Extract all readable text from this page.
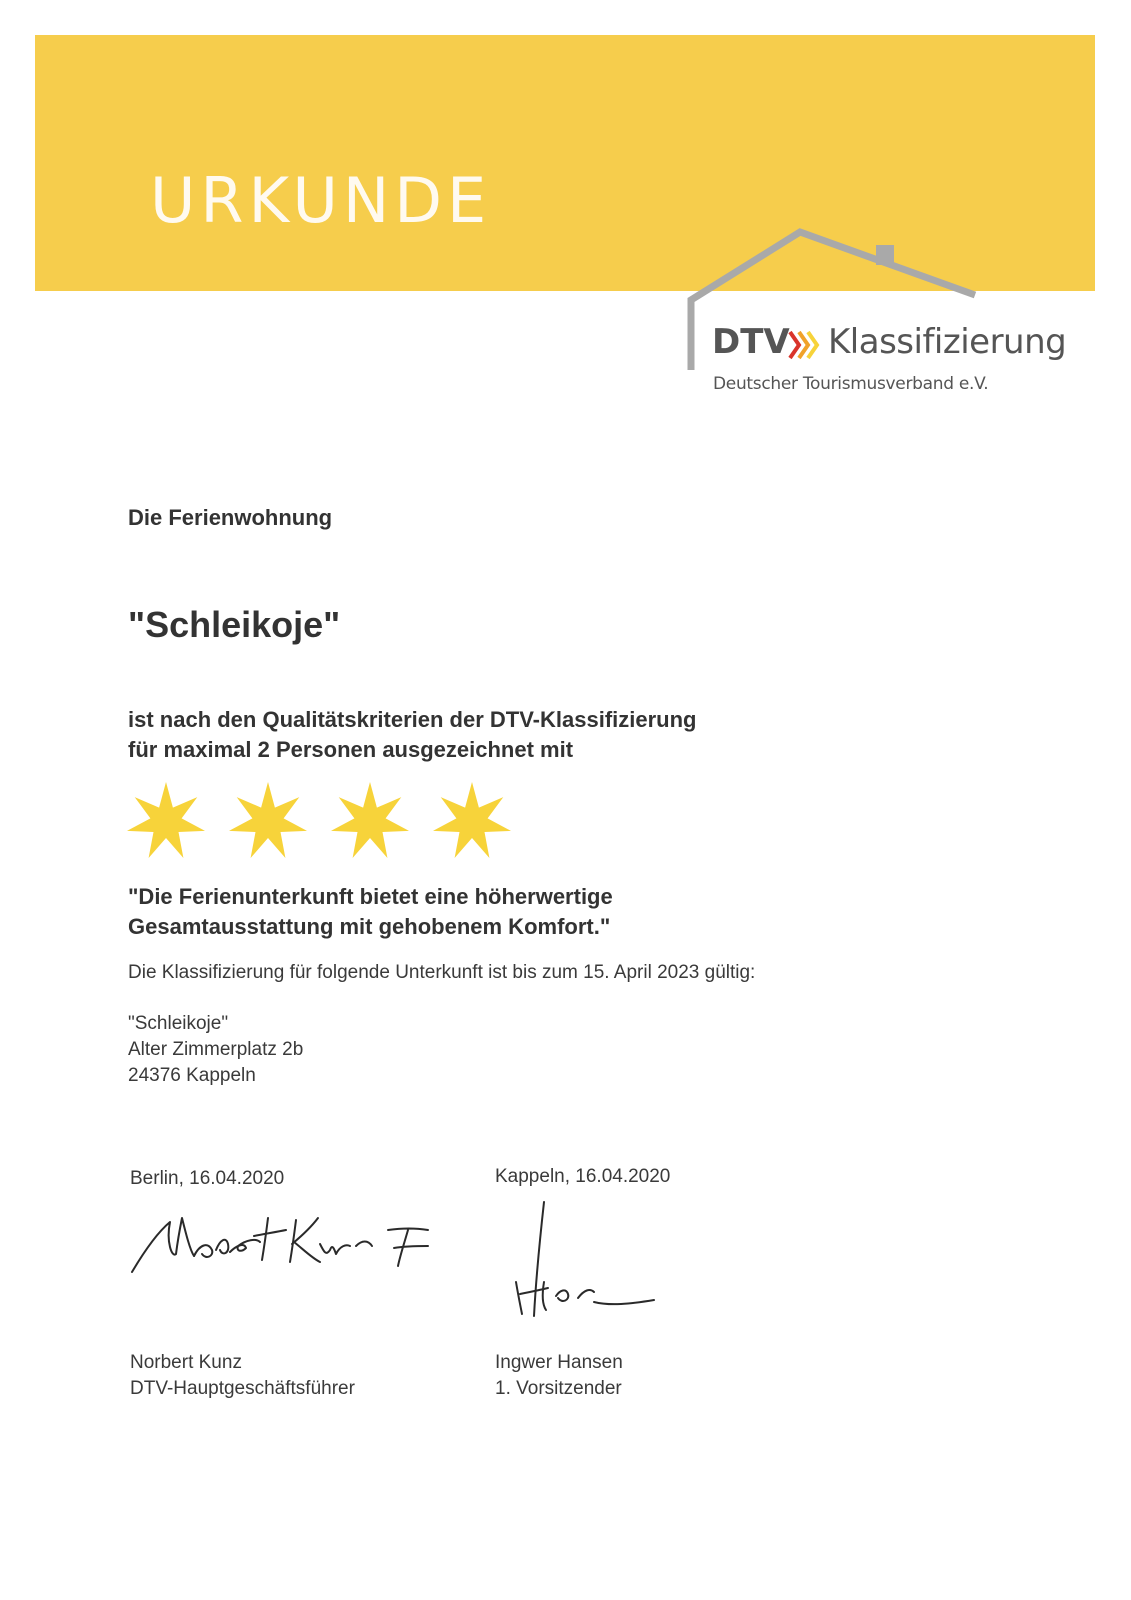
URKUNDE
DTV Klassifizierung
Deutscher Tourismusverband e.V.
Die Ferienwohnung
"Schleikoje"
ist nach den Qualitätskriterien der DTV-Klassifizierung
für maximal 2 Personen ausgezeichnet mit
"Die Ferienunterkunft bietet eine höherwertige
Gesamtausstattung mit gehobenem Komfort."
Die Klassifizierung für folgende Unterkunft ist bis zum 15. April 2023 gültig:
"Schleikoje"
Alter Zimmerplatz 2b
24376 Kappeln
Berlin, 16.04.2020	Kappeln, 16.04.2020
Norbert Kunz
DTV-Hauptgeschäftsführer
Ingwer Hansen
1. Vorsitzender
